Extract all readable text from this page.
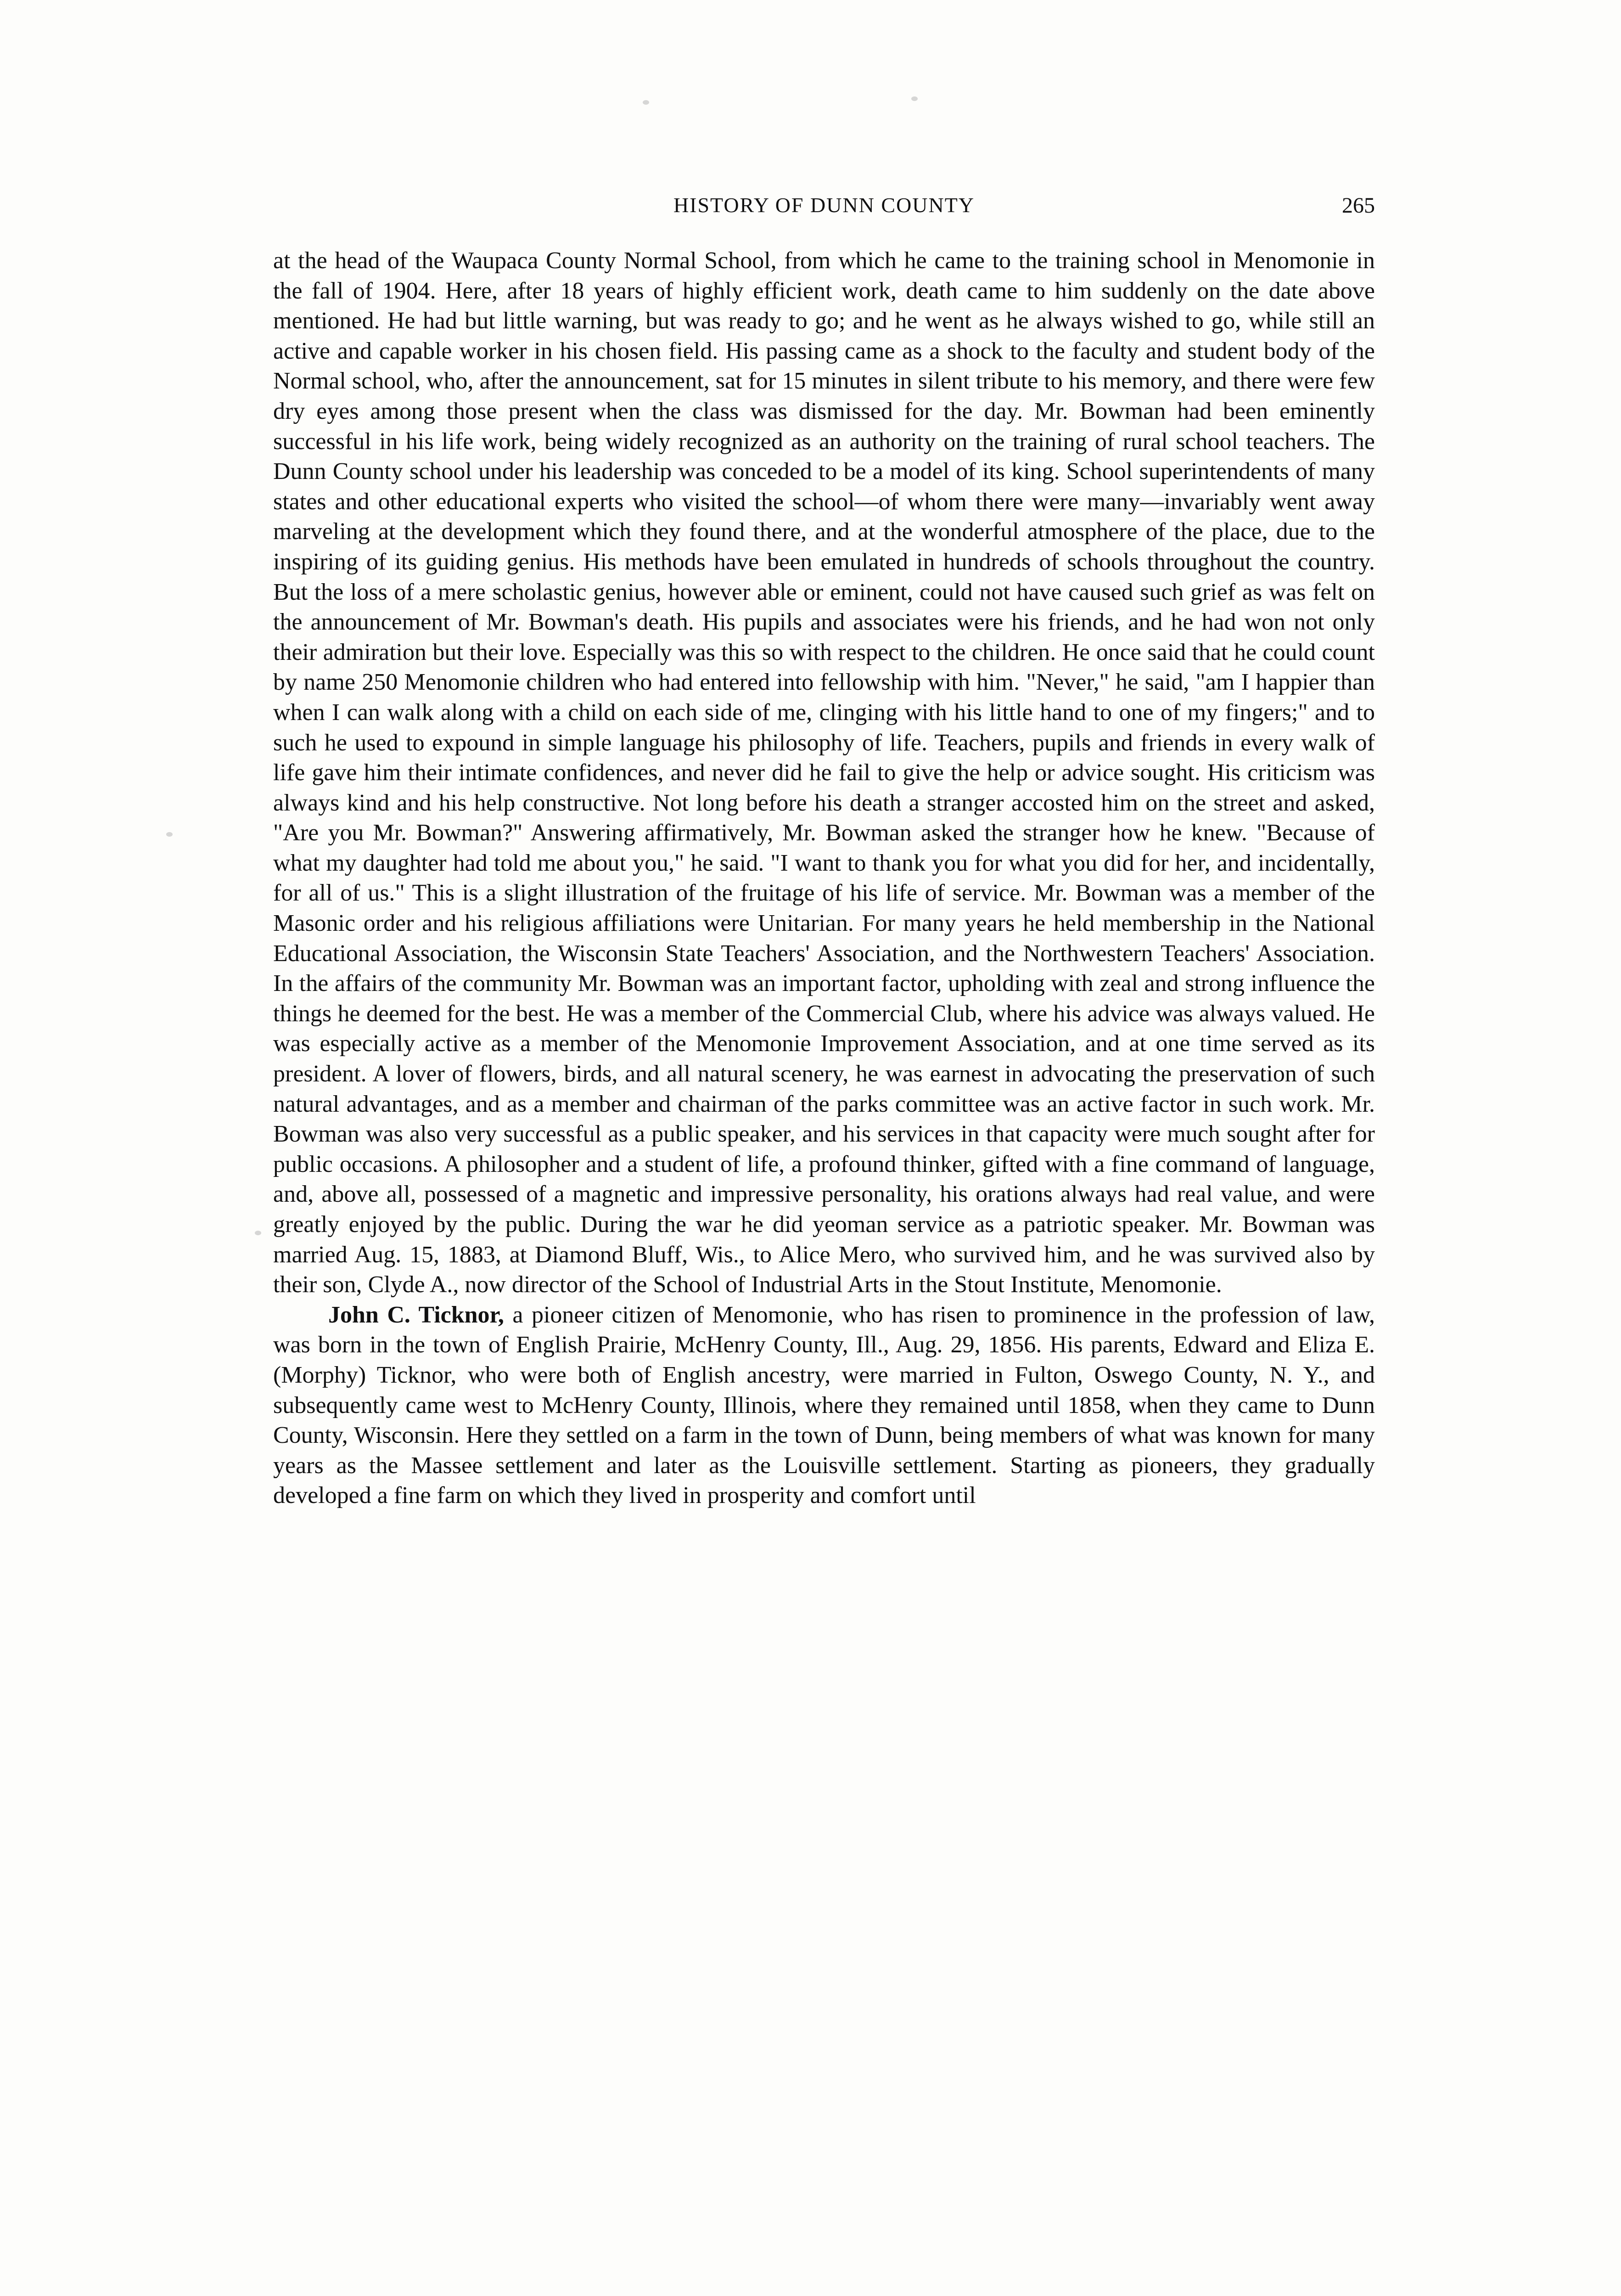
HISTORY OF DUNN COUNTY	265

at the head of the Waupaca County Normal School, from which he came to the training school in Menomonie in the fall of 1904. Here, after 18 years of highly efficient work, death came to him suddenly on the date above mentioned. He had but little warning, but was ready to go; and he went as he always wished to go, while still an active and capable worker in his chosen field. His passing came as a shock to the faculty and student body of the Normal school, who, after the announcement, sat for 15 minutes in silent tribute to his memory, and there were few dry eyes among those present when the class was dismissed for the day. Mr. Bowman had been eminently successful in his life work, being widely recognized as an authority on the training of rural school teachers. The Dunn County school under his leadership was conceded to be a model of its king. School superintendents of many states and other educational experts who visited the school—of whom there were many—invariably went away marveling at the development which they found there, and at the wonderful atmosphere of the place, due to the inspiring of its guiding genius. His methods have been emulated in hundreds of schools throughout the country. But the loss of a mere scholastic genius, however able or eminent, could not have caused such grief as was felt on the announcement of Mr. Bowman's death. His pupils and associates were his friends, and he had won not only their admiration but their love. Especially was this so with respect to the children. He once said that he could count by name 250 Menomonie children who had entered into fellowship with him. "Never," he said, "am I happier than when I can walk along with a child on each side of me, clinging with his little hand to one of my fingers;" and to such he used to expound in simple language his philosophy of life. Teachers, pupils and friends in every walk of life gave him their intimate confidences, and never did he fail to give the help or advice sought. His criticism was always kind and his help constructive. Not long before his death a stranger accosted him on the street and asked, "Are you Mr. Bowman?" Answering affirmatively, Mr. Bowman asked the stranger how he knew. "Because of what my daughter had told me about you," he said. "I want to thank you for what you did for her, and incidentally, for all of us." This is a slight illustration of the fruitage of his life of service. Mr. Bowman was a member of the Masonic order and his religious affiliations were Unitarian. For many years he held membership in the National Educational Association, the Wisconsin State Teachers' Association, and the Northwestern Teachers' Association. In the affairs of the community Mr. Bowman was an important factor, upholding with zeal and strong influence the things he deemed for the best. He was a member of the Commercial Club, where his advice was always valued. He was especially active as a member of the Menomonie Improvement Association, and at one time served as its president. A lover of flowers, birds, and all natural scenery, he was earnest in advocating the preservation of such natural advantages, and as a member and chairman of the parks committee was an active factor in such work. Mr. Bowman was also very successful as a public speaker, and his services in that capacity were much sought after for public occasions. A philosopher and a student of life, a profound thinker, gifted with a fine command of language, and, above all, possessed of a magnetic and impressive personality, his orations always had real value, and were greatly enjoyed by the public. During the war he did yeoman service as a patriotic speaker. Mr. Bowman was married Aug. 15, 1883, at Diamond Bluff, Wis., to Alice Mero, who survived him, and he was survived also by their son, Clyde A., now director of the School of Industrial Arts in the Stout Institute, Menomonie.

John C. Ticknor, a pioneer citizen of Menomonie, who has risen to prominence in the profession of law, was born in the town of English Prairie, McHenry County, Ill., Aug. 29, 1856. His parents, Edward and Eliza E. (Morphy) Ticknor, who were both of English ancestry, were married in Fulton, Oswego County, N. Y., and subsequently came west to McHenry County, Illinois, where they remained until 1858, when they came to Dunn County, Wisconsin. Here they settled on a farm in the town of Dunn, being members of what was known for many years as the Massee settlement and later as the Louisville settlement. Starting as pioneers, they gradually developed a fine farm on which they lived in prosperity and comfort until
